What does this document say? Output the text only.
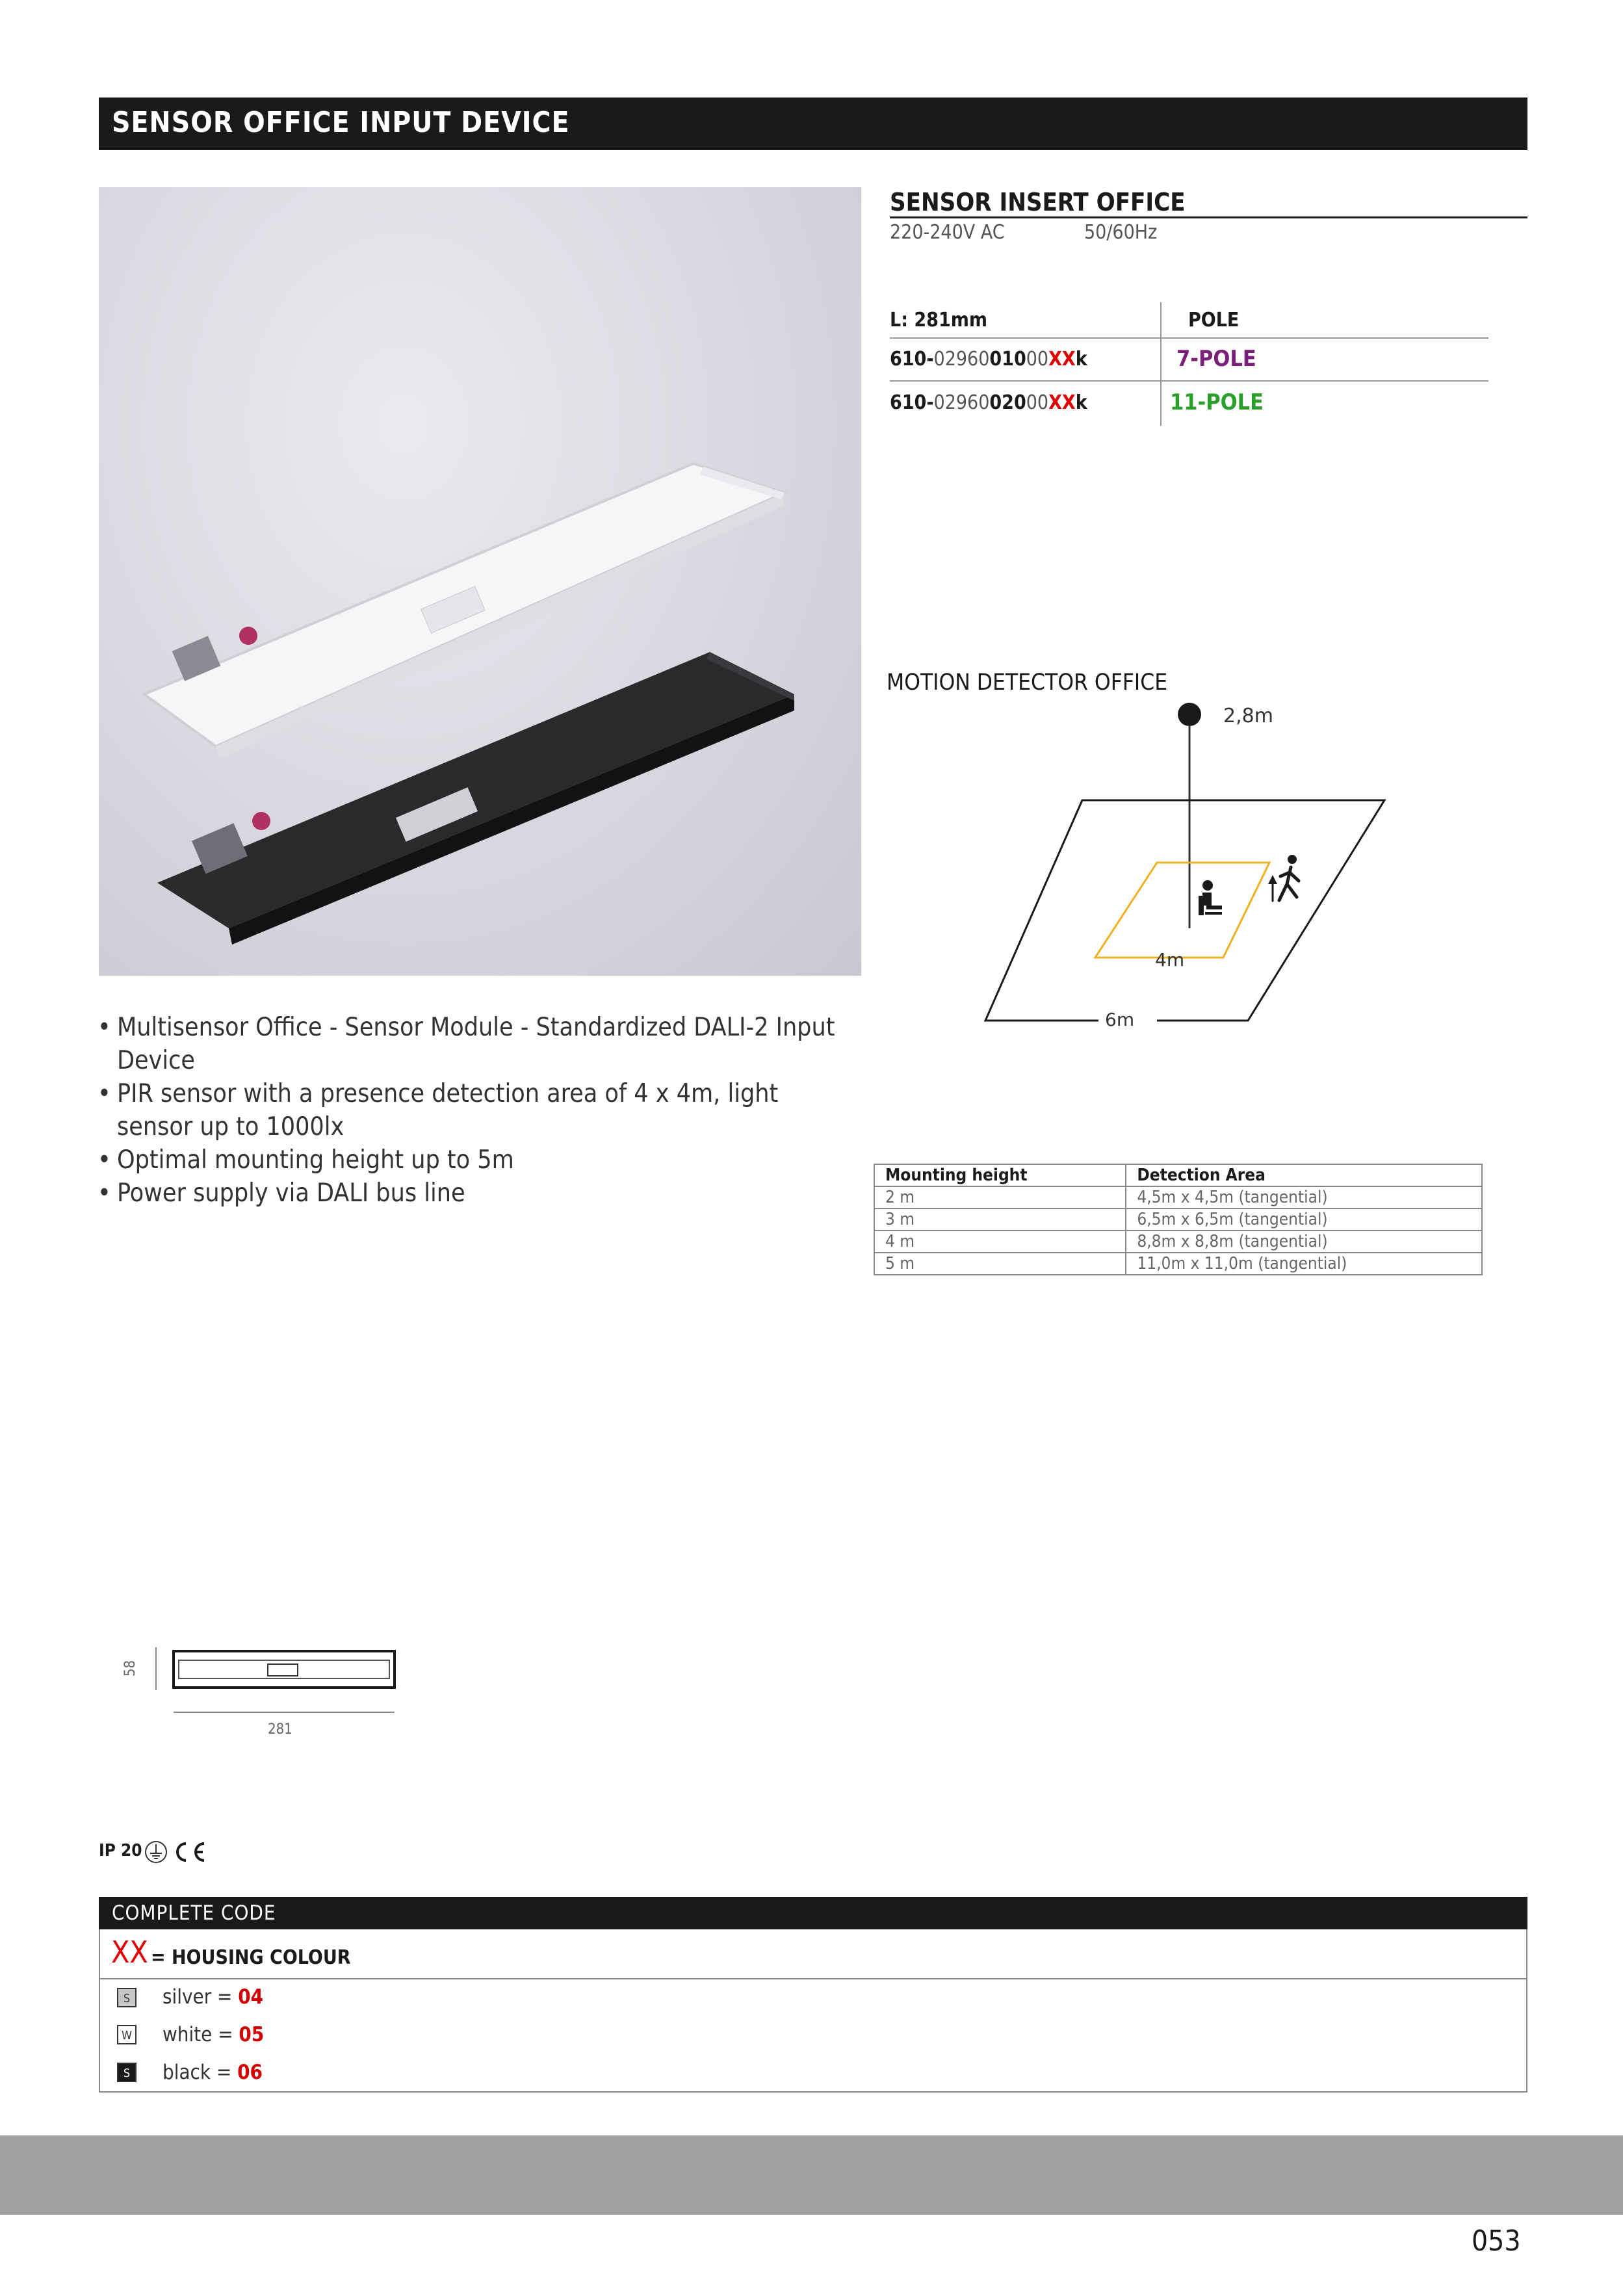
SENSOR OFFICE INPUT DEVICE
• Multisensor Office - Sensor Module - Standardized DALI-2 Input Device
• PIR sensor with a presence detection area of 4 x 4m, light sensor up to 1000lx
• Optimal mounting height up to 5m
• Power supply via DALI bus line
SENSOR INSERT OFFICE
220-240V AC	50/60Hz
L: 281mm	POLE
610-0296001000XXk	7-POLE
610-0296002000XXk	11-POLE
MOTION DETECTOR OFFICE
2,8m
4m
6m
Mounting height	Detection Area
2 m	4,5m x 4,5m (tangential)
3 m	6,5m x 6,5m (tangential)
4 m	8,8m x 8,8m (tangential)
5 m	11,0m x 11,0m (tangential)
58
281
IP 20
COMPLETE CODE
XX = HOUSING COLOUR
S	silver = 04
W white = 05
S	black = 06
053
